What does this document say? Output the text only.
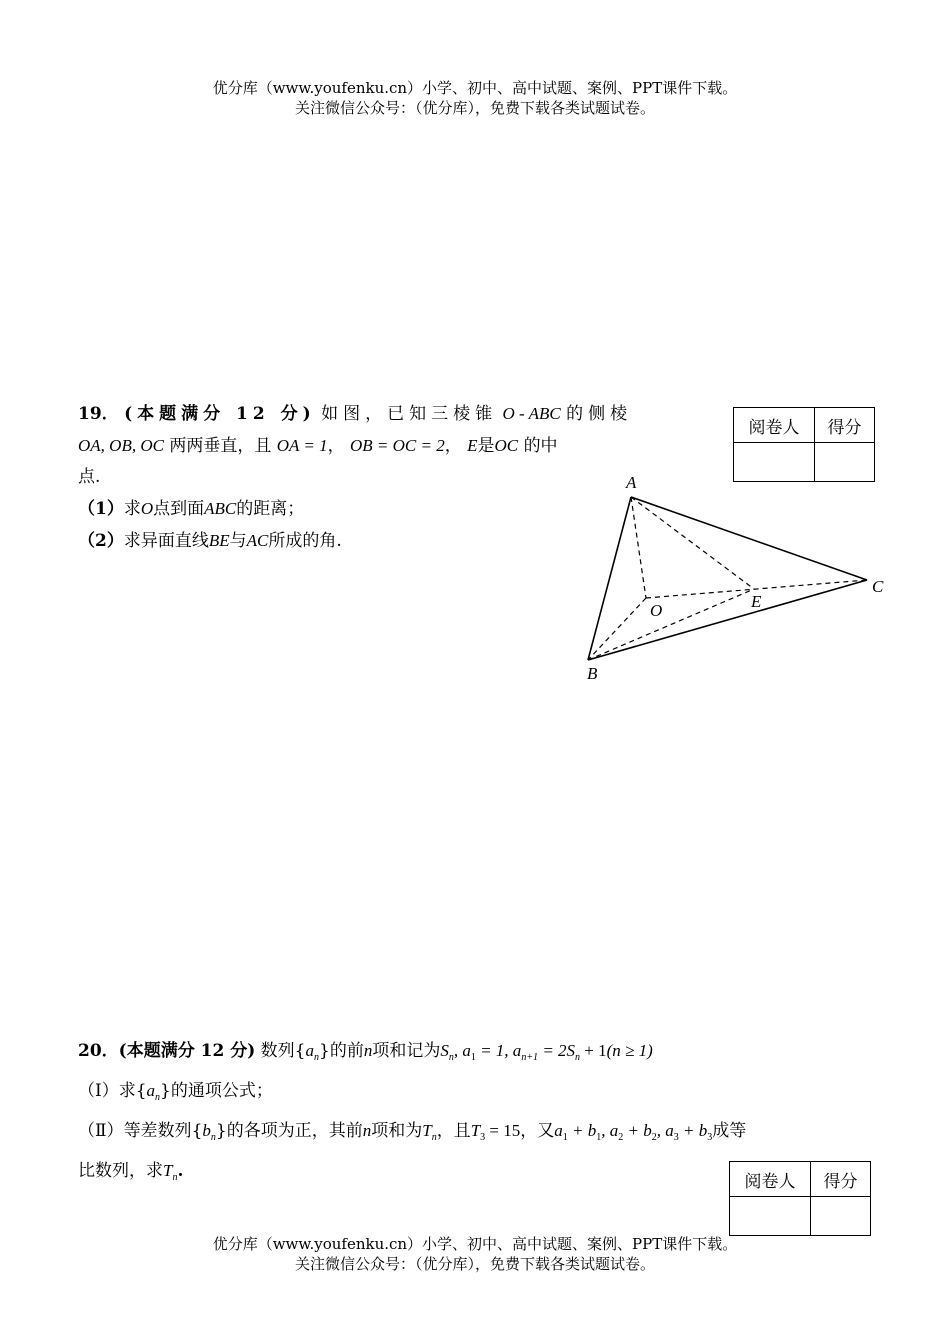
优分库（www.youfenku.cn）小学、初中、高中试题、案例、PPT课件下载。
关注微信公众号：（优分库），免费下载各类试题试卷。
19． (本题满分 12 分) 如图，已知三棱锥 O - ABC 的侧棱
OA, OB, OC 两两垂直，且 OA = 1， OB = OC = 2， E是OC 的中
点.
（1）求O点到面ABC的距离；
（2）求异面直线BE与AC所成的角.
阅卷人	得分

A
B
C
O	E
20．(本题满分 12 分) 数列$\{a_n\}$的前n项和记为$S_n$, $a_1 = 1$, $a_{n+1} = 2S_n + 1(n \ge 1)$
（Ⅰ）求$\{a_n\}$的通项公式；
（Ⅱ）等差数列$\{b_n\}$的各项为正，其前n项和为$T_n$，且$T_3 = 15$，又$a_1 + b_1$, $a_2 + b_2$, $a_3 + b_3$成等
比数列，求$T_n$.
阅卷人	得分

优分库（www.youfenku.cn）小学、初中、高中试题、案例、PPT课件下载。
关注微信公众号：（优分库），免费下载各类试题试卷。
